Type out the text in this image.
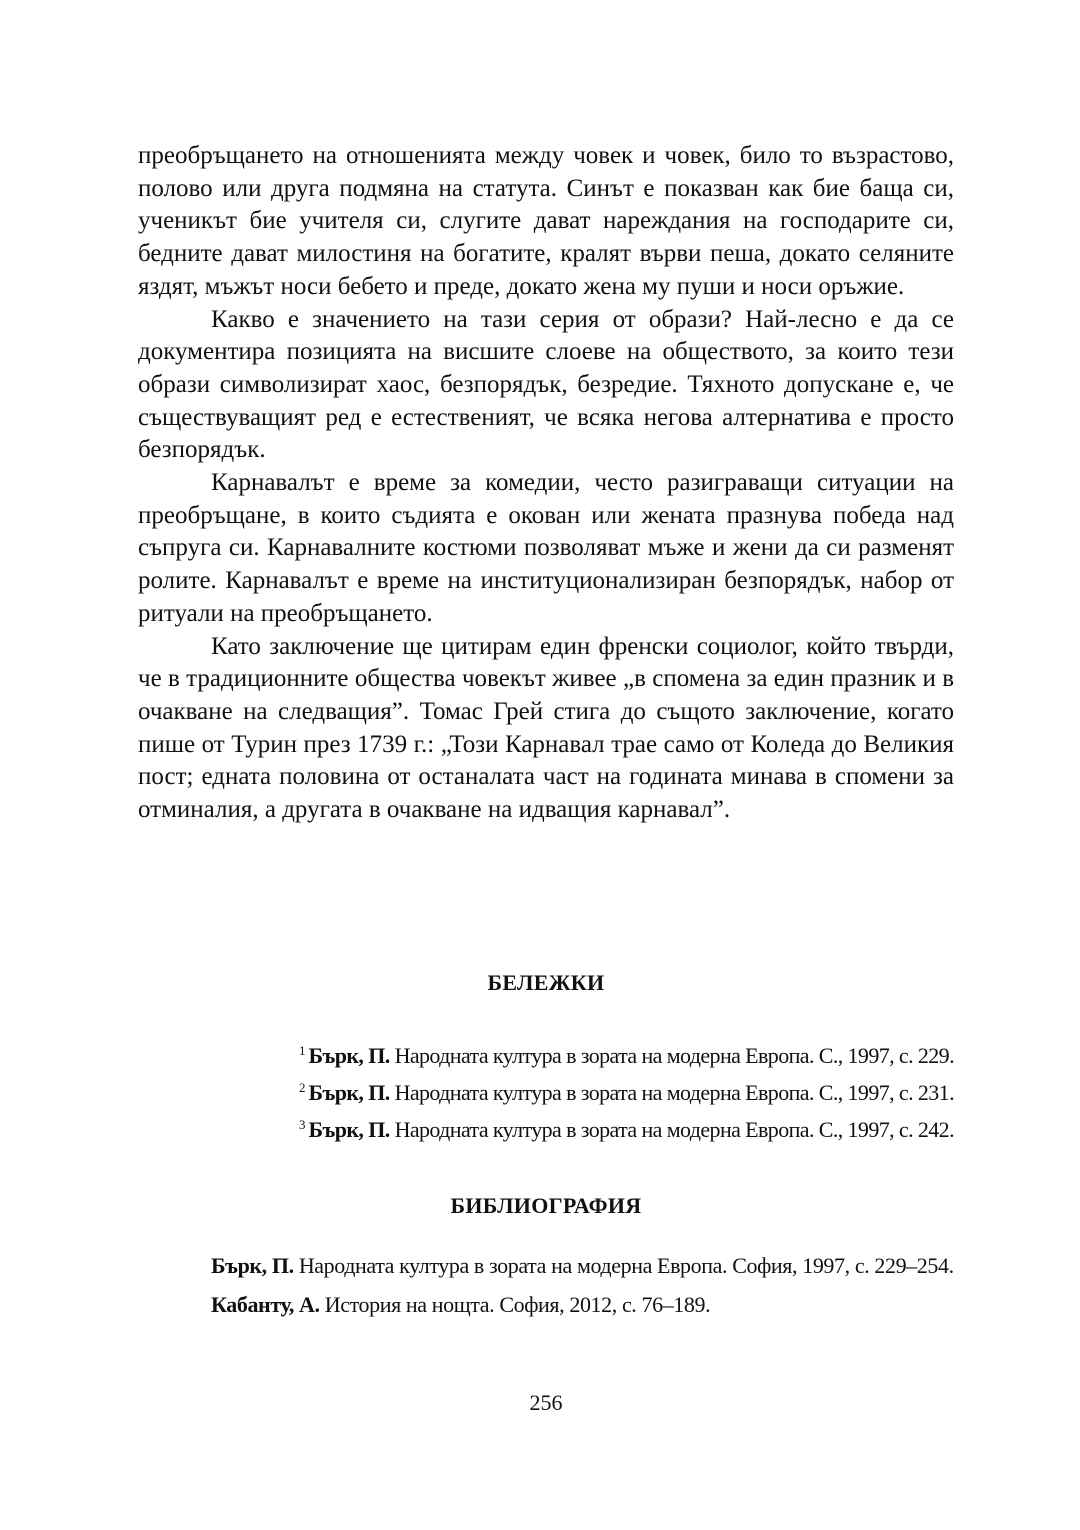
преобръщането на отношенията между човек и човек, било то възрастово, полово или друга подмяна на статута. Синът е показван как бие баща си, ученикът бие учителя си, слугите дават нареждания на господарите си, бедните дават милостиня на богатите, кралят върви пеша, докато селяните яздят, мъжът носи бебето и преде, докато жена му пуши и носи оръжие.

Какво е значението на тази серия от образи? Най-лесно е да се документира позицията на висшите слоеве на обществото, за които тези образи символизират хаос, безпорядък, безредие. Тяхното допускане е, че съществуващият ред е естественият, че всяка негова алтернатива е просто безпорядък.

Карнавалът е време за комедии, често разиграващи ситуации на преобръщане, в които съдията е окован или жената празнува победа над съпруга си. Карнавалните костюми позволяват мъже и жени да си разменят ролите. Карнавалът е време на институционализиран безпорядък, набор от ритуали на преобръщането.

Като заключение ще цитирам един френски социолог, който твърди, че в традиционните общества човекът живее „в спомена за един празник и в очакване на следващия”. Томас Грей стига до същото заключение, когато пише от Турин през 1739 г.: „Този Карнавал трае само от Коледа до Великия пост; едната половина от останалата част на годината минава в спомени за отминалия, а другата в очакване на идващия карнавал”.

БЕЛЕЖКИ
$^1$ Бърк, П. Народната култура в зората на модерна Европа. С., 1997, с. 229.
$^2$ Бърк, П. Народната култура в зората на модерна Европа. С., 1997, с. 231.
$^3$ Бърк, П. Народната култура в зората на модерна Европа. С., 1997, с. 242.
БИБЛИОГРАФИЯ

Бърк, П. Народната култура в зората на модерна Европа. София, 1997, с. 229–254.

Кабанту, А. История на нощта. София, 2012, с. 76–189.

256
